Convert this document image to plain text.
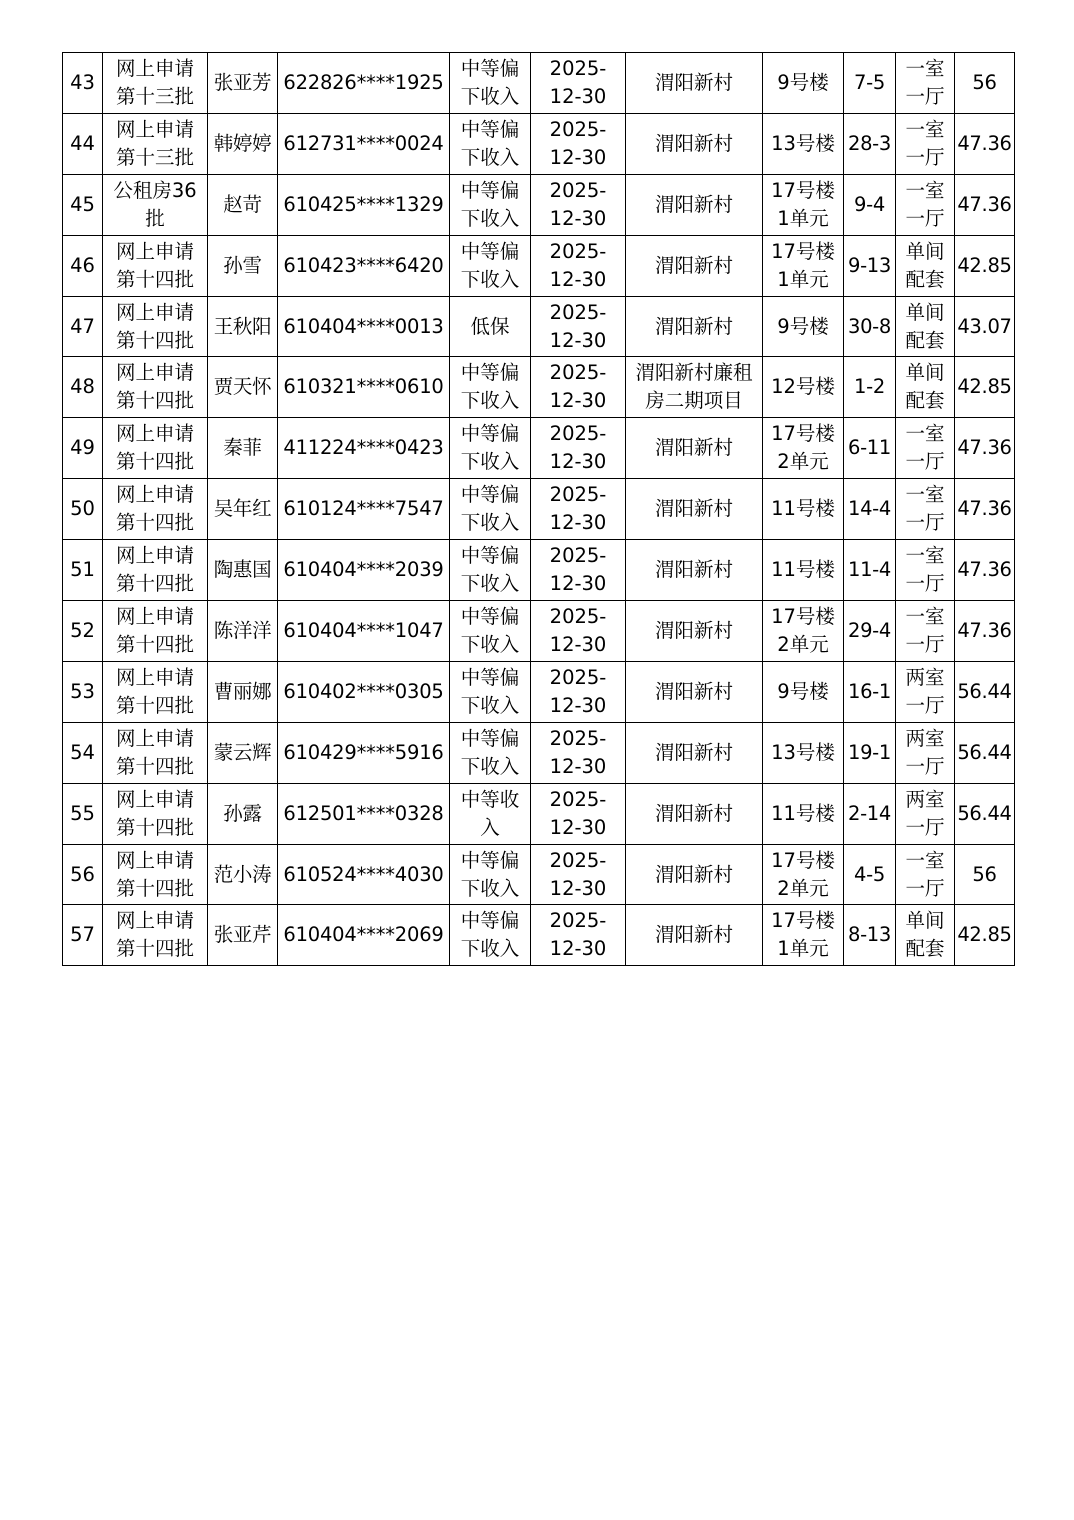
43	网上申请
第十三批	张亚芳	622826****1925	中等偏
下收入	2025-
12-30	渭阳新村	9号楼	7-5	一室
一厅	56
44	网上申请
第十三批	韩婷婷	612731****0024	中等偏
下收入	2025-
12-30	渭阳新村	13号楼	28-3	一室
一厅	47.36
45	公租房36
批	赵苛	610425****1329	中等偏
下收入	2025-
12-30	渭阳新村	17号楼
1单元	9-4	一室
一厅	47.36
46	网上申请
第十四批	孙雪	610423****6420	中等偏
下收入	2025-
12-30	渭阳新村	17号楼
1单元	9-13	单间
配套	42.85
47	网上申请
第十四批	王秋阳	610404****0013	低保	2025-
12-30	渭阳新村	9号楼	30-8	单间
配套	43.07
48	网上申请
第十四批	贾天怀	610321****0610	中等偏
下收入	2025-
12-30	渭阳新村廉租
房二期项目	12号楼	1-2	单间
配套	42.85
49	网上申请
第十四批	秦菲	411224****0423	中等偏
下收入	2025-
12-30	渭阳新村	17号楼
2单元	6-11	一室
一厅	47.36
50	网上申请
第十四批	吴年红	610124****7547	中等偏
下收入	2025-
12-30	渭阳新村	11号楼	14-4	一室
一厅	47.36
51	网上申请
第十四批	陶惠国	610404****2039	中等偏
下收入	2025-
12-30	渭阳新村	11号楼	11-4	一室
一厅	47.36
52	网上申请
第十四批	陈洋洋	610404****1047	中等偏
下收入	2025-
12-30	渭阳新村	17号楼
2单元	29-4	一室
一厅	47.36
53	网上申请
第十四批	曹丽娜	610402****0305	中等偏
下收入	2025-
12-30	渭阳新村	9号楼	16-1	两室
一厅	56.44
54	网上申请
第十四批	蒙云辉	610429****5916	中等偏
下收入	2025-
12-30	渭阳新村	13号楼	19-1	两室
一厅	56.44
55	网上申请
第十四批	孙露	612501****0328	中等收
入	2025-
12-30	渭阳新村	11号楼	2-14	两室
一厅	56.44
56	网上申请
第十四批	范小涛	610524****4030	中等偏
下收入	2025-
12-30	渭阳新村	17号楼
2单元	4-5	一室
一厅	56
57	网上申请
第十四批	张亚芹	610404****2069	中等偏
下收入	2025-
12-30	渭阳新村	17号楼
1单元	8-13	单间
配套	42.85
